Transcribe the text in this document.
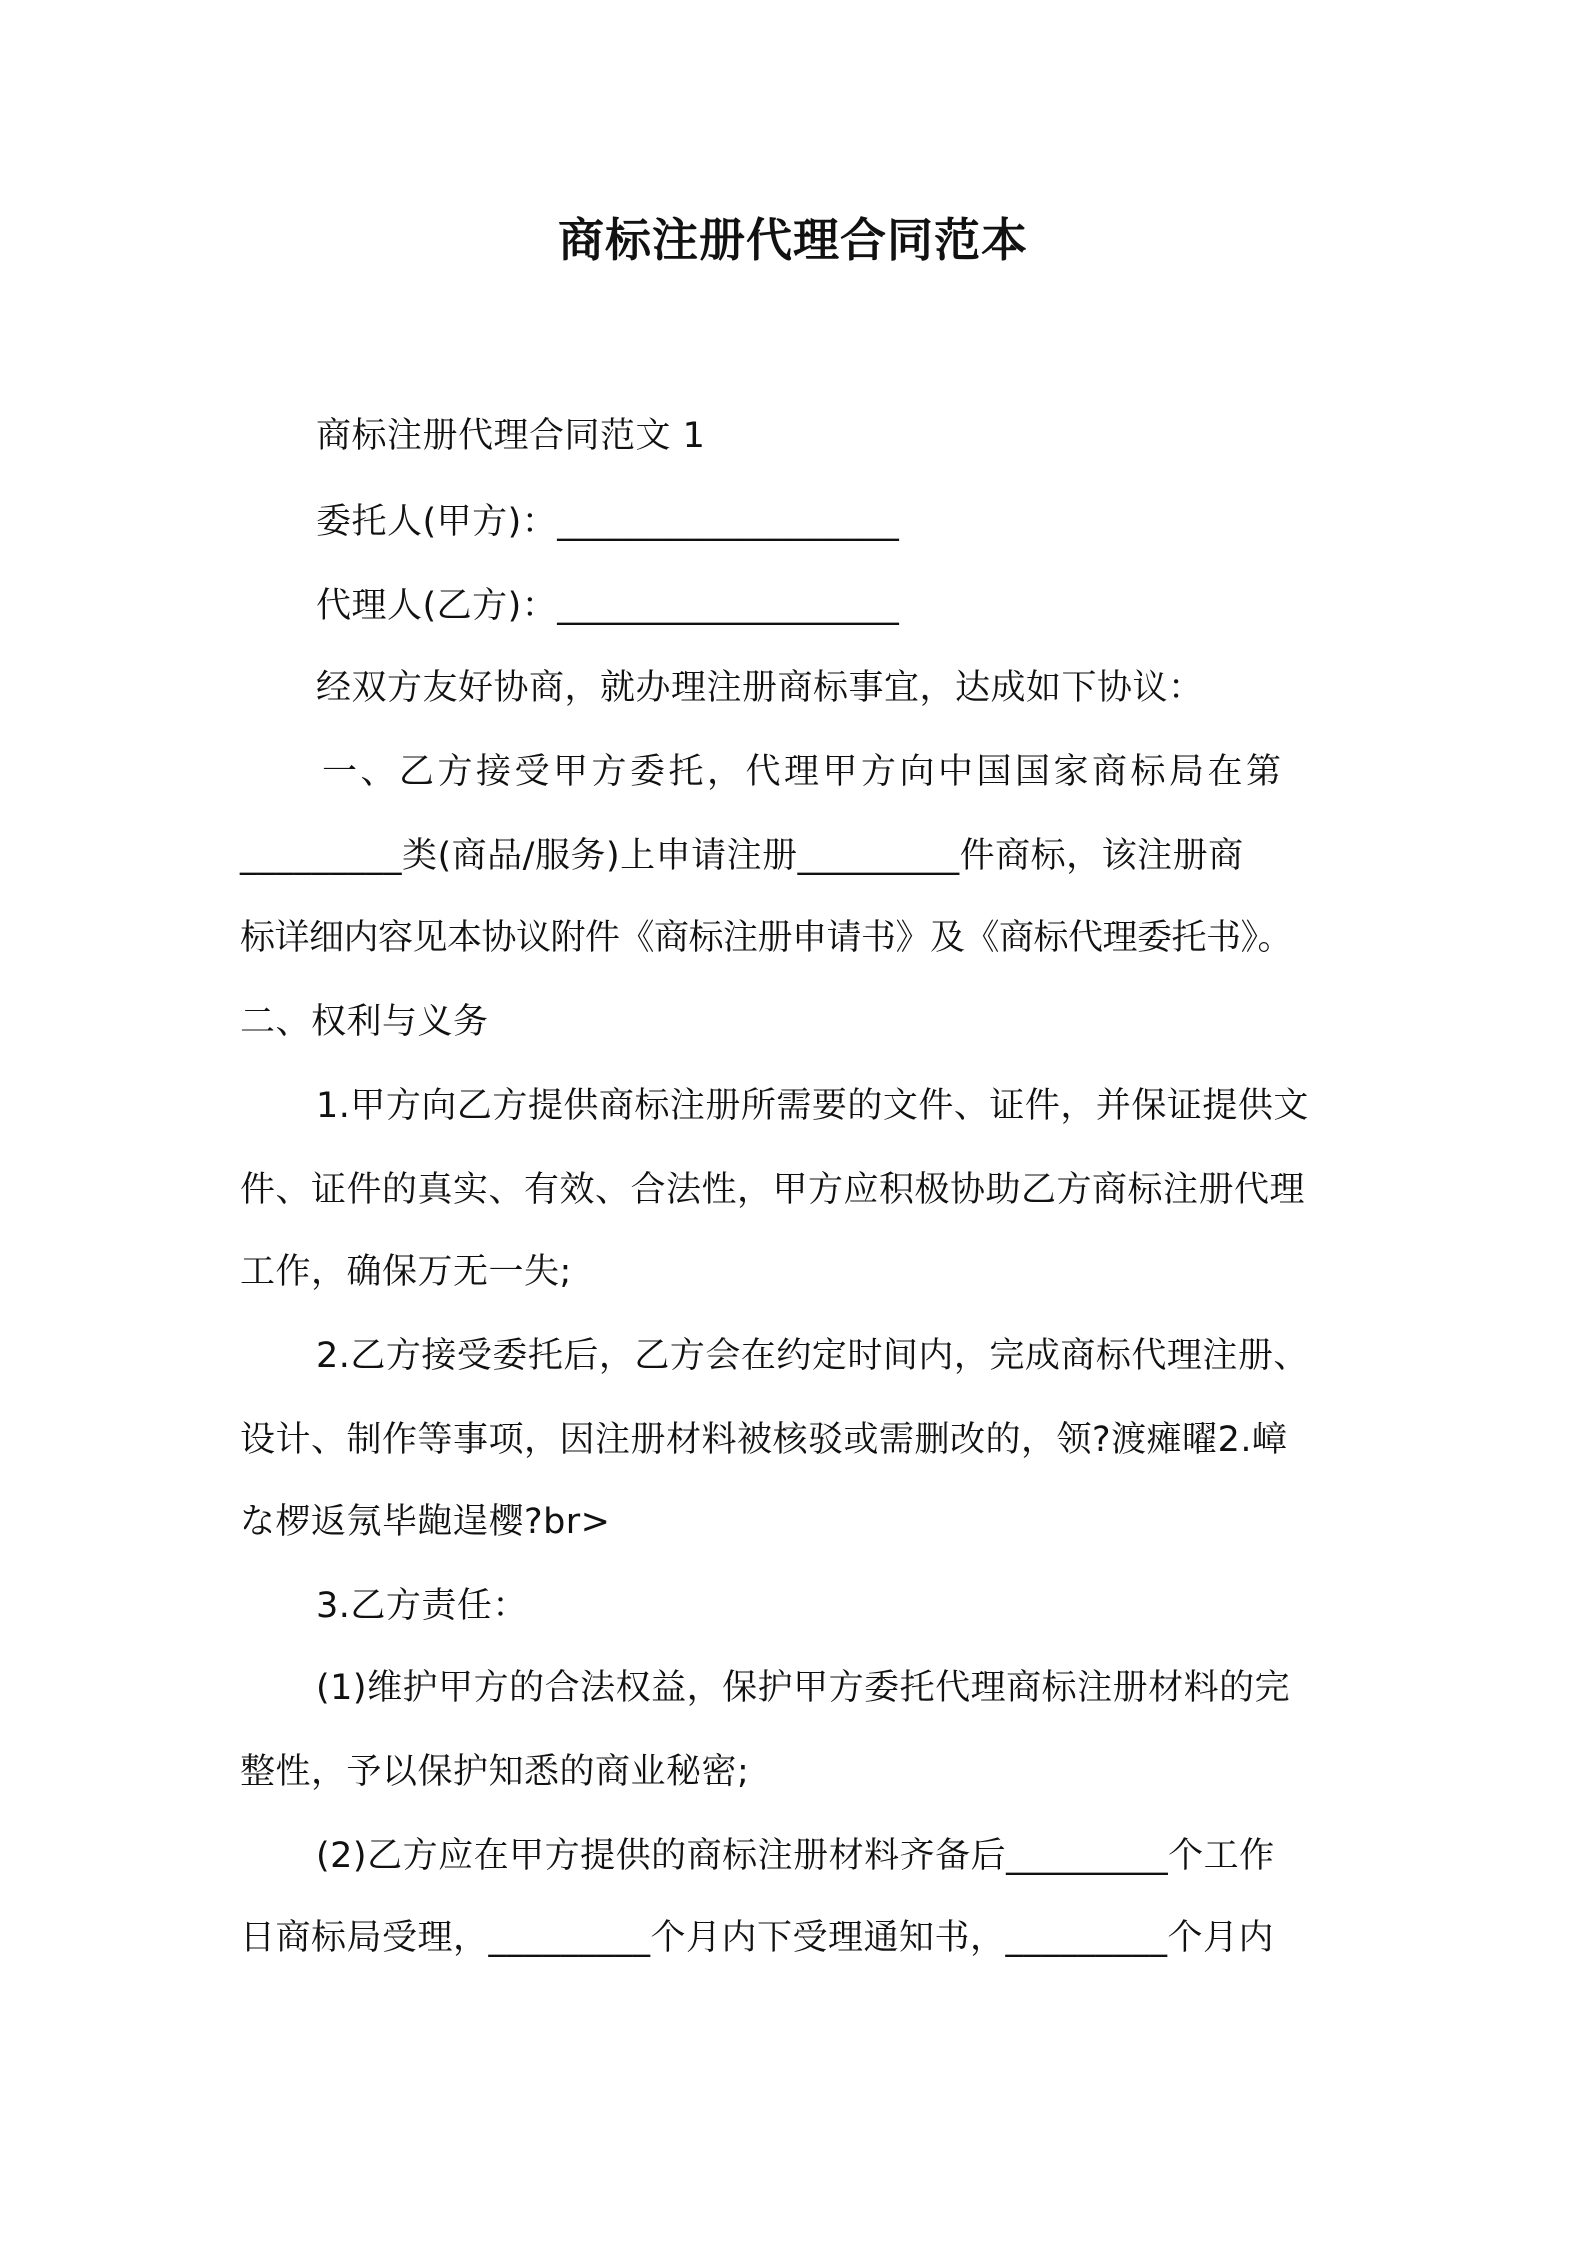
商标注册代理合同范本
商标注册代理合同范文 1
委托人(甲方)：___________________
代理人(乙方)：___________________
经双方友好协商，就办理注册商标事宜，达成如下协议：
一、乙方接受甲方委托，代理甲方向中国国家商标局在第
_________类(商品/服务)上申请注册_________件商标，该注册商
标详细内容见本协议附件《商标注册申请书》及《商标代理委托书》。
二、权利与义务
1.甲方向乙方提供商标注册所需要的文件、证件，并保证提供文
件、证件的真实、有效、合法性，甲方应积极协助乙方商标注册代理
工作，确保万无一失;
2.乙方接受委托后，乙方会在约定时间内，完成商标代理注册、
设计、制作等事项，因注册材料被核驳或需删改的，领?渡瘫曜2.嶂
な椤返氖毕龅逞樱?br>
3.乙方责任：
(1)维护甲方的合法权益，保护甲方委托代理商标注册材料的完
整性，予以保护知悉的商业秘密;
(2)乙方应在甲方提供的商标注册材料齐备后_________个工作
日商标局受理，_________个月内下受理通知书，_________个月内
